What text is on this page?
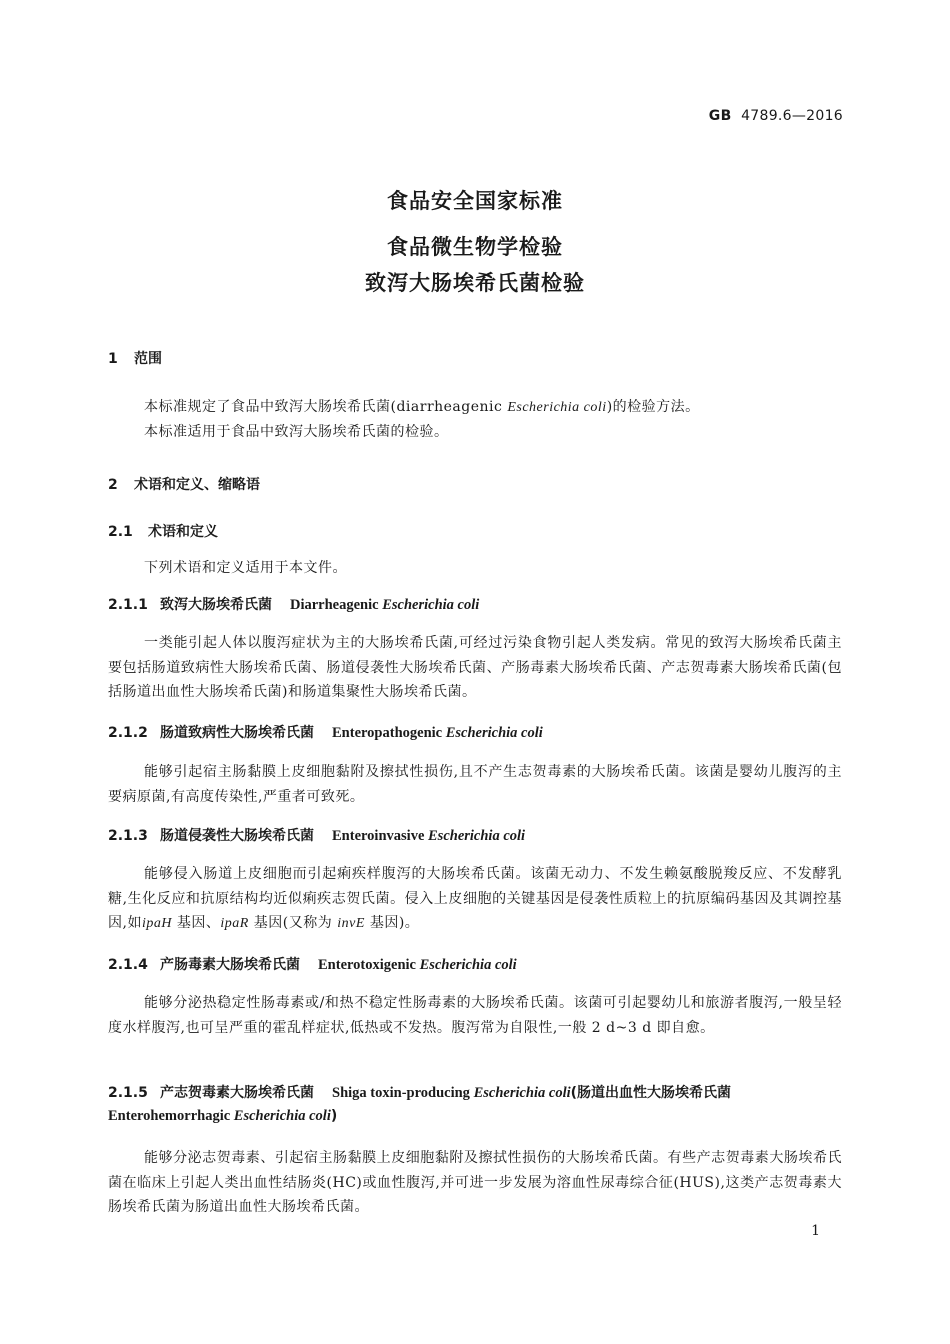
GB 4789.6—2016
食品安全国家标准
食品微生物学检验
致泻大肠埃希氏菌检验
1 范围
本标准规定了食品中致泻大肠埃希氏菌(diarrheagenic Escherichia coli)的检验方法。
本标准适用于食品中致泻大肠埃希氏菌的检验。
2 术语和定义、缩略语
2.1 术语和定义
下列术语和定义适用于本文件。
2.1.1 致泻大肠埃希氏菌 Diarrheagenic Escherichia coli
一类能引起人体以腹泻症状为主的大肠埃希氏菌,可经过污染食物引起人类发病。常见的致泻大肠埃希氏菌主要包括肠道致病性大肠埃希氏菌、肠道侵袭性大肠埃希氏菌、产肠毒素大肠埃希氏菌、产志贺毒素大肠埃希氏菌(包括肠道出血性大肠埃希氏菌)和肠道集聚性大肠埃希氏菌。
2.1.2 肠道致病性大肠埃希氏菌 Enteropathogenic Escherichia coli
能够引起宿主肠黏膜上皮细胞黏附及擦拭性损伤,且不产生志贺毒素的大肠埃希氏菌。该菌是婴幼儿腹泻的主要病原菌,有高度传染性,严重者可致死。
2.1.3 肠道侵袭性大肠埃希氏菌 Enteroinvasive Escherichia coli
能够侵入肠道上皮细胞而引起痢疾样腹泻的大肠埃希氏菌。该菌无动力、不发生赖氨酸脱羧反应、不发酵乳糖,生化反应和抗原结构均近似痢疾志贺氏菌。侵入上皮细胞的关键基因是侵袭性质粒上的抗原编码基因及其调控基因,如ipaH 基因、ipaR 基因(又称为 invE 基因)。
2.1.4 产肠毒素大肠埃希氏菌 Enterotoxigenic Escherichia coli
能够分泌热稳定性肠毒素或/和热不稳定性肠毒素的大肠埃希氏菌。该菌可引起婴幼儿和旅游者腹泻,一般呈轻度水样腹泻,也可呈严重的霍乱样症状,低热或不发热。腹泻常为自限性,一般 2 d~3 d 即自愈。
2.1.5 产志贺毒素大肠埃希氏菌 Shiga toxin-producing Escherichia coli(肠道出血性大肠埃希氏菌 Enterohemorrhagic Escherichia coli)
能够分泌志贺毒素、引起宿主肠黏膜上皮细胞黏附及擦拭性损伤的大肠埃希氏菌。有些产志贺毒素大肠埃希氏菌在临床上引起人类出血性结肠炎(HC)或血性腹泻,并可进一步发展为溶血性尿毒综合征(HUS),这类产志贺毒素大肠埃希氏菌为肠道出血性大肠埃希氏菌。
1
